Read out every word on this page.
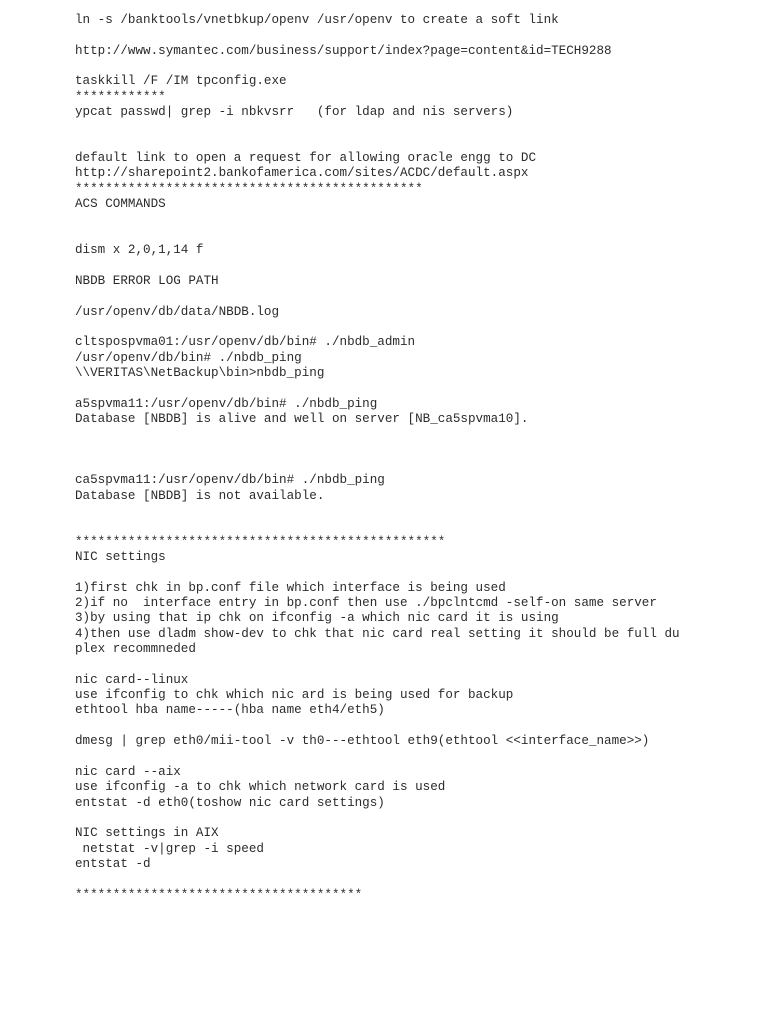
ln -s /banktools/vnetbkup/openv /usr/openv to create a soft link
http://www.symantec.com/business/support/index?page=content&id=TECH9288
taskkill /F /IM tpconfig.exe
************
ypcat passwd| grep -i nbkvsrr   (for ldap and nis servers)
default link to open a request for allowing oracle engg to DC
http://sharepoint2.bankofamerica.com/sites/ACDC/default.aspx
**********************************************
ACS COMMANDS
dism x 2,0,1,14 f
NBDB ERROR LOG PATH
/usr/openv/db/data/NBDB.log
cltspospvma01:/usr/openv/db/bin# ./nbdb_admin
/usr/openv/db/bin# ./nbdb_ping
\\VERITAS\NetBackup\bin>nbdb_ping
a5spvma11:/usr/openv/db/bin# ./nbdb_ping
Database [NBDB] is alive and well on server [NB_ca5spvma10].
ca5spvma11:/usr/openv/db/bin# ./nbdb_ping
Database [NBDB] is not available.
*************************************************
NIC settings
1)first chk in bp.conf file which interface is being used
2)if no  interface entry in bp.conf then use ./bpclntcmd -self-on same server
3)by using that ip chk on ifconfig -a which nic card it is using
4)then use dladm show-dev to chk that nic card real setting it should be full du
plex recommneded
nic card--linux
use ifconfig to chk which nic ard is being used for backup
ethtool hba name-----(hba name eth4/eth5)
dmesg | grep eth0/mii-tool -v th0---ethtool eth9(ethtool <<interface_name>>)
nic card --aix
use ifconfig -a to chk which network card is used
entstat -d eth0(toshow nic card settings)
NIC settings in AIX
netstat -v|grep -i speed
entstat -d
**************************************
